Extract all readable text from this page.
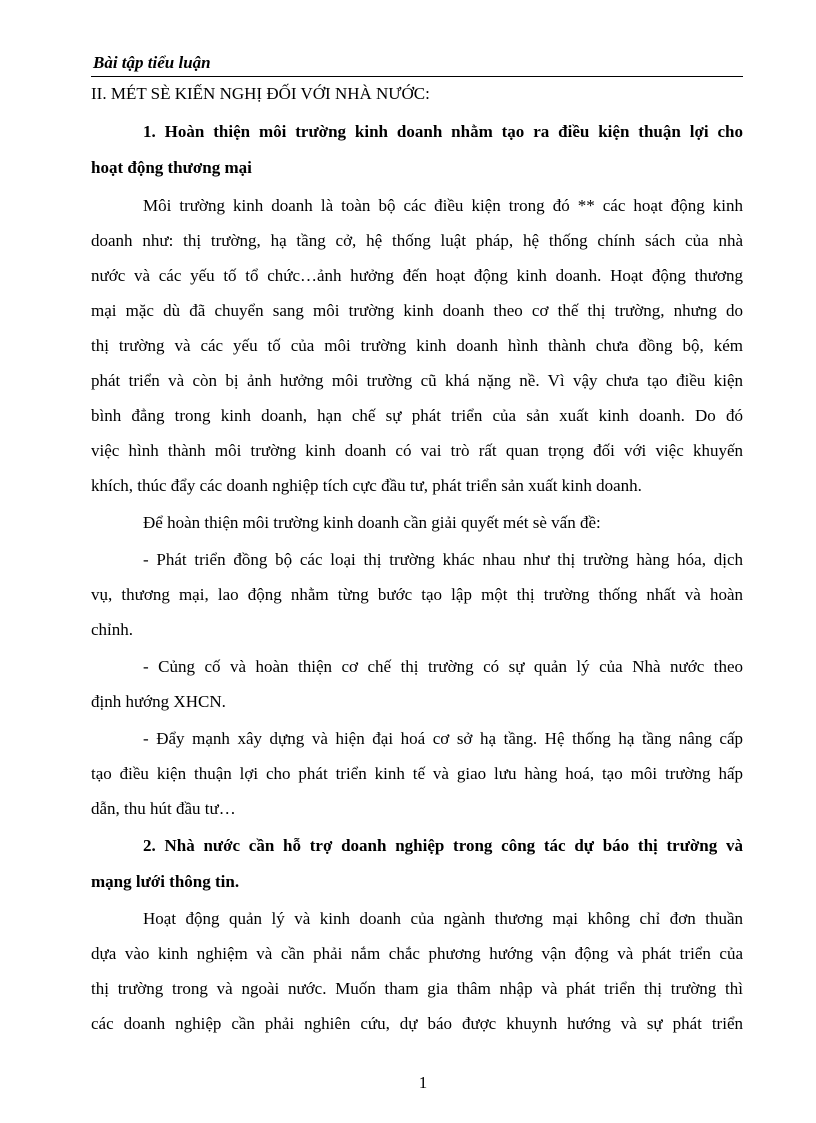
Bài tập tiểu luận
II. MÉT SÈ KIẾN NGHỊ ĐỐI VỚI NHÀ NƯỚC:
1. Hoàn thiện môi trường kinh doanh nhằm tạo ra điều kiện thuận lợi cho
hoạt động thương mại
Môi trường kinh doanh là toàn bộ các điều kiện trong đó ** các hoạt động kinh
doanh như: thị trường, hạ tầng cở, hệ thống luật pháp, hệ thống chính sách của nhà
nước và các yếu tố tổ chức…ảnh hưởng đến hoạt động kinh doanh. Hoạt động thương
mại mặc dù đã chuyển sang môi trường kinh doanh theo cơ thế thị trường, nhưng do
thị trường và các yếu tố của môi trường kinh doanh hình thành chưa đồng bộ, kém
phát triển và còn bị ảnh hưởng môi trường cũ khá nặng nề. Vì vậy chưa tạo điều kiện
bình đẳng trong kinh doanh, hạn chế sự phát triển của sản xuất kinh doanh. Do đó
việc hình thành môi trường kinh doanh có vai trò rất quan trọng đối với việc khuyến
khích, thúc đẩy các doanh nghiệp tích cực đầu tư, phát triển sản xuất kinh doanh.
Để hoàn thiện môi trường kinh doanh cần giải quyết mét sè vấn đề:
- Phát triển đồng bộ các loại thị trường khác nhau như thị trường hàng hóa, dịch
vụ, thương mại, lao động nhằm từng bước tạo lập một thị trường thống nhất và hoàn
chỉnh.
- Củng cố và hoàn thiện cơ chế thị trường có sự quản lý của Nhà nước theo
định hướng XHCN.
- Đẩy mạnh xây dựng và hiện đại hoá cơ sở hạ tầng. Hệ thống hạ tầng nâng cấp
tạo điều kiện thuận lợi cho phát triển kinh tế và giao lưu hàng hoá, tạo môi trường hấp
dẫn, thu hút đầu tư…
2. Nhà nước cần hỗ trợ doanh nghiệp trong công tác dự báo thị trường và
mạng lưới thông tin.
Hoạt động quản lý và kinh doanh của ngành thương mại không chỉ đơn thuần
dựa vào kinh nghiệm và cần phải nắm chắc phương hướng vận động và phát triển của
thị trường trong và ngoài nước. Muốn tham gia thâm nhập và phát triển thị trường thì
các doanh nghiệp cần phải nghiên cứu, dự báo được khuynh hướng và sự phát triển
1
